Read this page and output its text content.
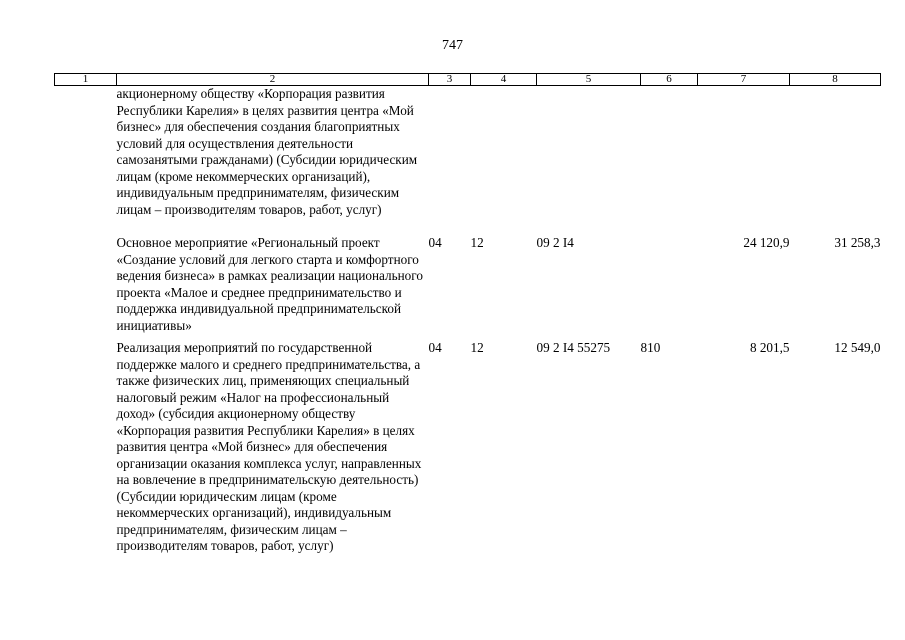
747
1	2	3	4	5	6	7	8
	акционерному обществу «Корпорация развития Республики Карелия» в целях развития центра «Мой бизнес» для обеспечения создания благоприятных условий для осуществления деятельности самозанятыми гражданами) (Субсидии юридическим лицам (кроме некоммерческих организаций), индивидуальным предпринимателям, физическим лицам – производителям товаров, работ, услуг)						
	Основное мероприятие «Региональный проект «Создание условий для легкого старта и комфортного ведения бизнеса» в рамках реализации национального проекта «Малое и среднее предпринимательство и поддержка индивидуальной предпринимательской инициативы»	04	12	09 2 I4		24 120,9	31 258,3
	Реализация мероприятий по государственной поддержке малого и среднего предпринимательства, а также физических лиц, применяющих специальный налоговый режим «Налог на профессиональный доход» (субсидия акционерному обществу «Корпорация развития Республики Карелия» в целях развития центра «Мой бизнес» для обеспечения организации оказания комплекса услуг, направленных на вовлечение в предпринимательскую деятельность) (Субсидии юридическим лицам (кроме некоммерческих организаций), индивидуальным предпринимателям, физическим лицам – производителям товаров, работ, услуг)	04	12	09 2 I4 55275	810	8 201,5	12 549,0
